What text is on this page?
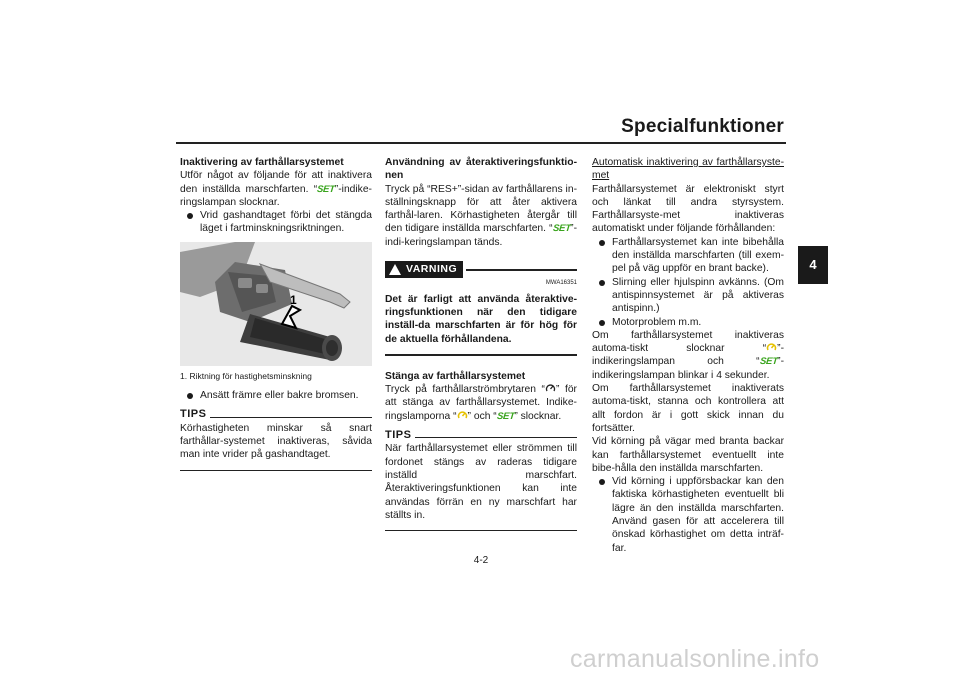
Specialfunktioner
4

Inaktivering av farthållarsystemet

Utför något av följande för att inaktivera den inställda marschfarten. “SET”-indike-ringslampan slocknar.

Vrid gashandtaget förbi det stängda läget i fartminskningsriktningen.
1

1. Riktning för hastighetsminskning

Ansätt främre eller bakre bromsen.
TIPS

Körhastigheten minskar så snart farthållar-systemet inaktiveras, såvida man inte vrider på gashandtaget.

Användning av återaktiveringsfunktio-nen

Tryck på “RES+”-sidan av farthållarens in-ställningsknapp för att åter aktivera farthål-laren. Körhastigheten återgår till den tidigare inställda marschfarten. “SET”-indi-keringslampan tänds.

VARNING
MWA16351

Det är farligt att använda återaktive-ringsfunktionen när den tidigare inställ-da marschfarten är för hög för de aktuella förhållandena.

Stänga av farthållarsystemet

Tryck på farthållarströmbrytaren “ ” för att stänga av farthållarsystemet. Indike-ringslamporna “ ” och “SET” slocknar.

TIPS

När farthållarsystemet eller strömmen till fordonet stängs av raderas tidigare inställd marschfart. Återaktiveringsfunktionen kan inte användas förrän en ny marschfart har ställts in.

Automatisk inaktivering av farthållarsyste-met

Farthållarsystemet är elektroniskt styrt och länkat till andra styrsystem. Farthållarsyste-met inaktiveras automatiskt under följande förhållanden:

Farthållarsystemet kan inte bibehålla den inställda marschfarten (till exem-pel på väg uppför en brant backe).
Slirning eller hjulspinn avkänns. (Om antispinnsystemet är på aktiveras antispinn.)
Motorproblem m.m.

Om farthållarsystemet inaktiveras automa-tiskt slocknar “ ”-indikeringslampan och “SET”-indikeringslampan blinkar i 4 sekunder.

Om farthållarsystemet inaktiverats automa-tiskt, stanna och kontrollera att allt fordon är i gott skick innan du fortsätter.

Vid körning på vägar med branta backar kan farthållarsystemet eventuellt inte bibe-hålla den inställda marschfarten.

Vid körning i uppförsbackar kan den faktiska körhastigheten eventuellt bli lägre än den inställda marschfarten. Använd gasen för att accelerera till önskad körhastighet om detta inträf-far.
4-2
carmanualsonline.info
